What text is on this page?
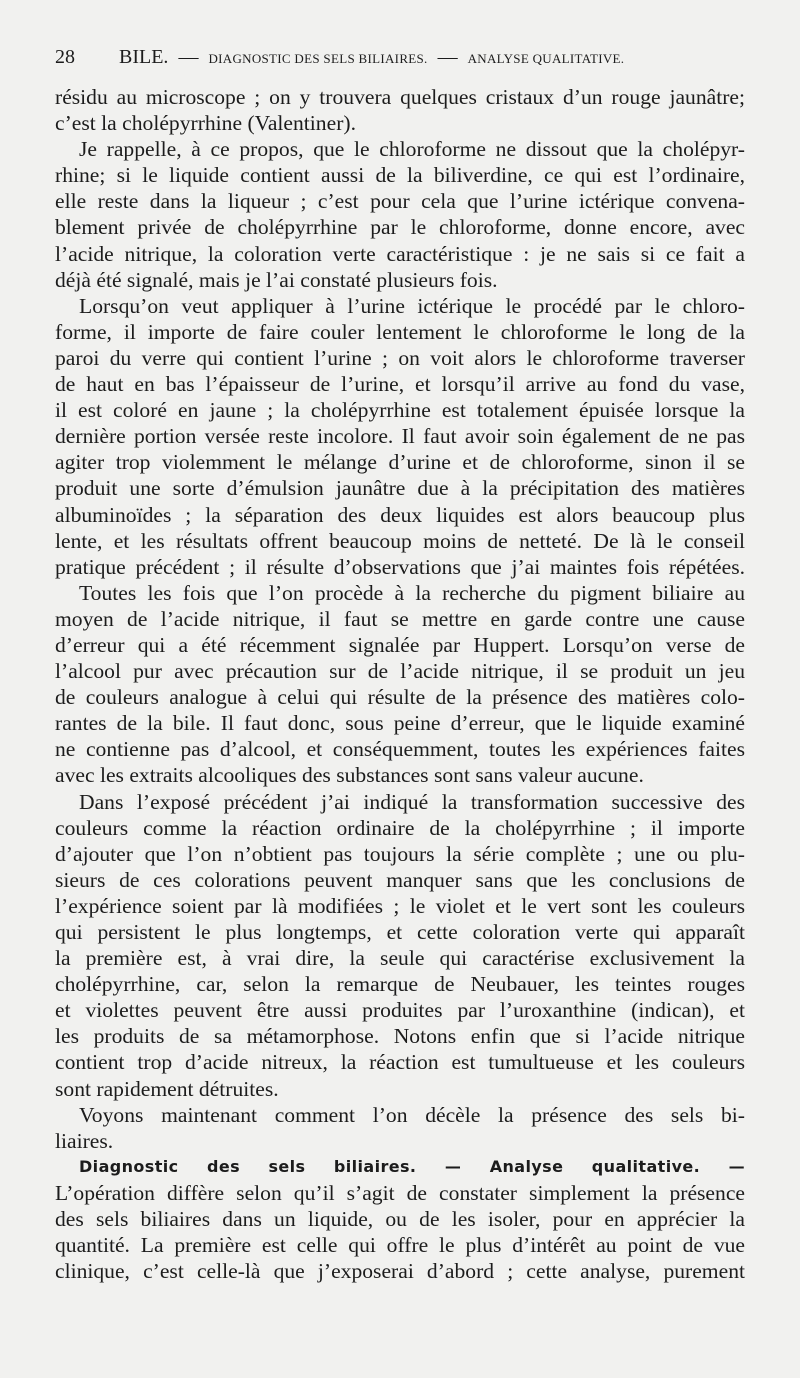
28 BILE. — DIAGNOSTIC DES SELS BILIAIRES. — ANALYSE QUALITATIVE.
résidu au microscope ; on y trouvera quelques cristaux d’un rouge jaunâtre;
c’est la cholépyrrhine (Valentiner).
Je rappelle, à ce propos, que le chloroforme ne dissout que la cholépyr-
rhine; si le liquide contient aussi de la biliverdine, ce qui est l’ordinaire,
elle reste dans la liqueur ; c’est pour cela que l’urine ictérique convena-
blement privée de cholépyrrhine par le chloroforme, donne encore, avec
l’acide nitrique, la coloration verte caractéristique : je ne sais si ce fait a
déjà été signalé, mais je l’ai constaté plusieurs fois.
Lorsqu’on veut appliquer à l’urine ictérique le procédé par le chloro-
forme, il importe de faire couler lentement le chloroforme le long de la
paroi du verre qui contient l’urine ; on voit alors le chloroforme traverser
de haut en bas l’épaisseur de l’urine, et lorsqu’il arrive au fond du vase,
il est coloré en jaune ; la cholépyrrhine est totalement épuisée lorsque la
dernière portion versée reste incolore. Il faut avoir soin également de ne pas
agiter trop violemment le mélange d’urine et de chloroforme, sinon il se
produit une sorte d’émulsion jaunâtre due à la précipitation des matières
albuminoïdes ; la séparation des deux liquides est alors beaucoup plus
lente, et les résultats offrent beaucoup moins de netteté. De là le conseil
pratique précédent ; il résulte d’observations que j’ai maintes fois répétées.
Toutes les fois que l’on procède à la recherche du pigment biliaire au
moyen de l’acide nitrique, il faut se mettre en garde contre une cause
d’erreur qui a été récemment signalée par Huppert. Lorsqu’on verse de
l’alcool pur avec précaution sur de l’acide nitrique, il se produit un jeu
de couleurs analogue à celui qui résulte de la présence des matières colo-
rantes de la bile. Il faut donc, sous peine d’erreur, que le liquide examiné
ne contienne pas d’alcool, et conséquemment, toutes les expériences faites
avec les extraits alcooliques des substances sont sans valeur aucune.
Dans l’exposé précédent j’ai indiqué la transformation successive des
couleurs comme la réaction ordinaire de la cholépyrrhine ; il importe
d’ajouter que l’on n’obtient pas toujours la série complète ; une ou plu-
sieurs de ces colorations peuvent manquer sans que les conclusions de
l’expérience soient par là modifiées ; le violet et le vert sont les couleurs
qui persistent le plus longtemps, et cette coloration verte qui apparaît
la première est, à vrai dire, la seule qui caractérise exclusivement la
cholépyrrhine, car, selon la remarque de Neubauer, les teintes rouges
et violettes peuvent être aussi produites par l’uroxanthine (indican), et
les produits de sa métamorphose. Notons enfin que si l’acide nitrique
contient trop d’acide nitreux, la réaction est tumultueuse et les couleurs
sont rapidement détruites.
Voyons maintenant comment l’on décèle la présence des sels bi-
liaires.
Diagnostic des sels biliaires. — Analyse qualitative. —
L’opération diffère selon qu’il s’agit de constater simplement la présence
des sels biliaires dans un liquide, ou de les isoler, pour en apprécier la
quantité. La première est celle qui offre le plus d’intérêt au point de vue
clinique, c’est celle-là que j’exposerai d’abord ; cette analyse, purement
